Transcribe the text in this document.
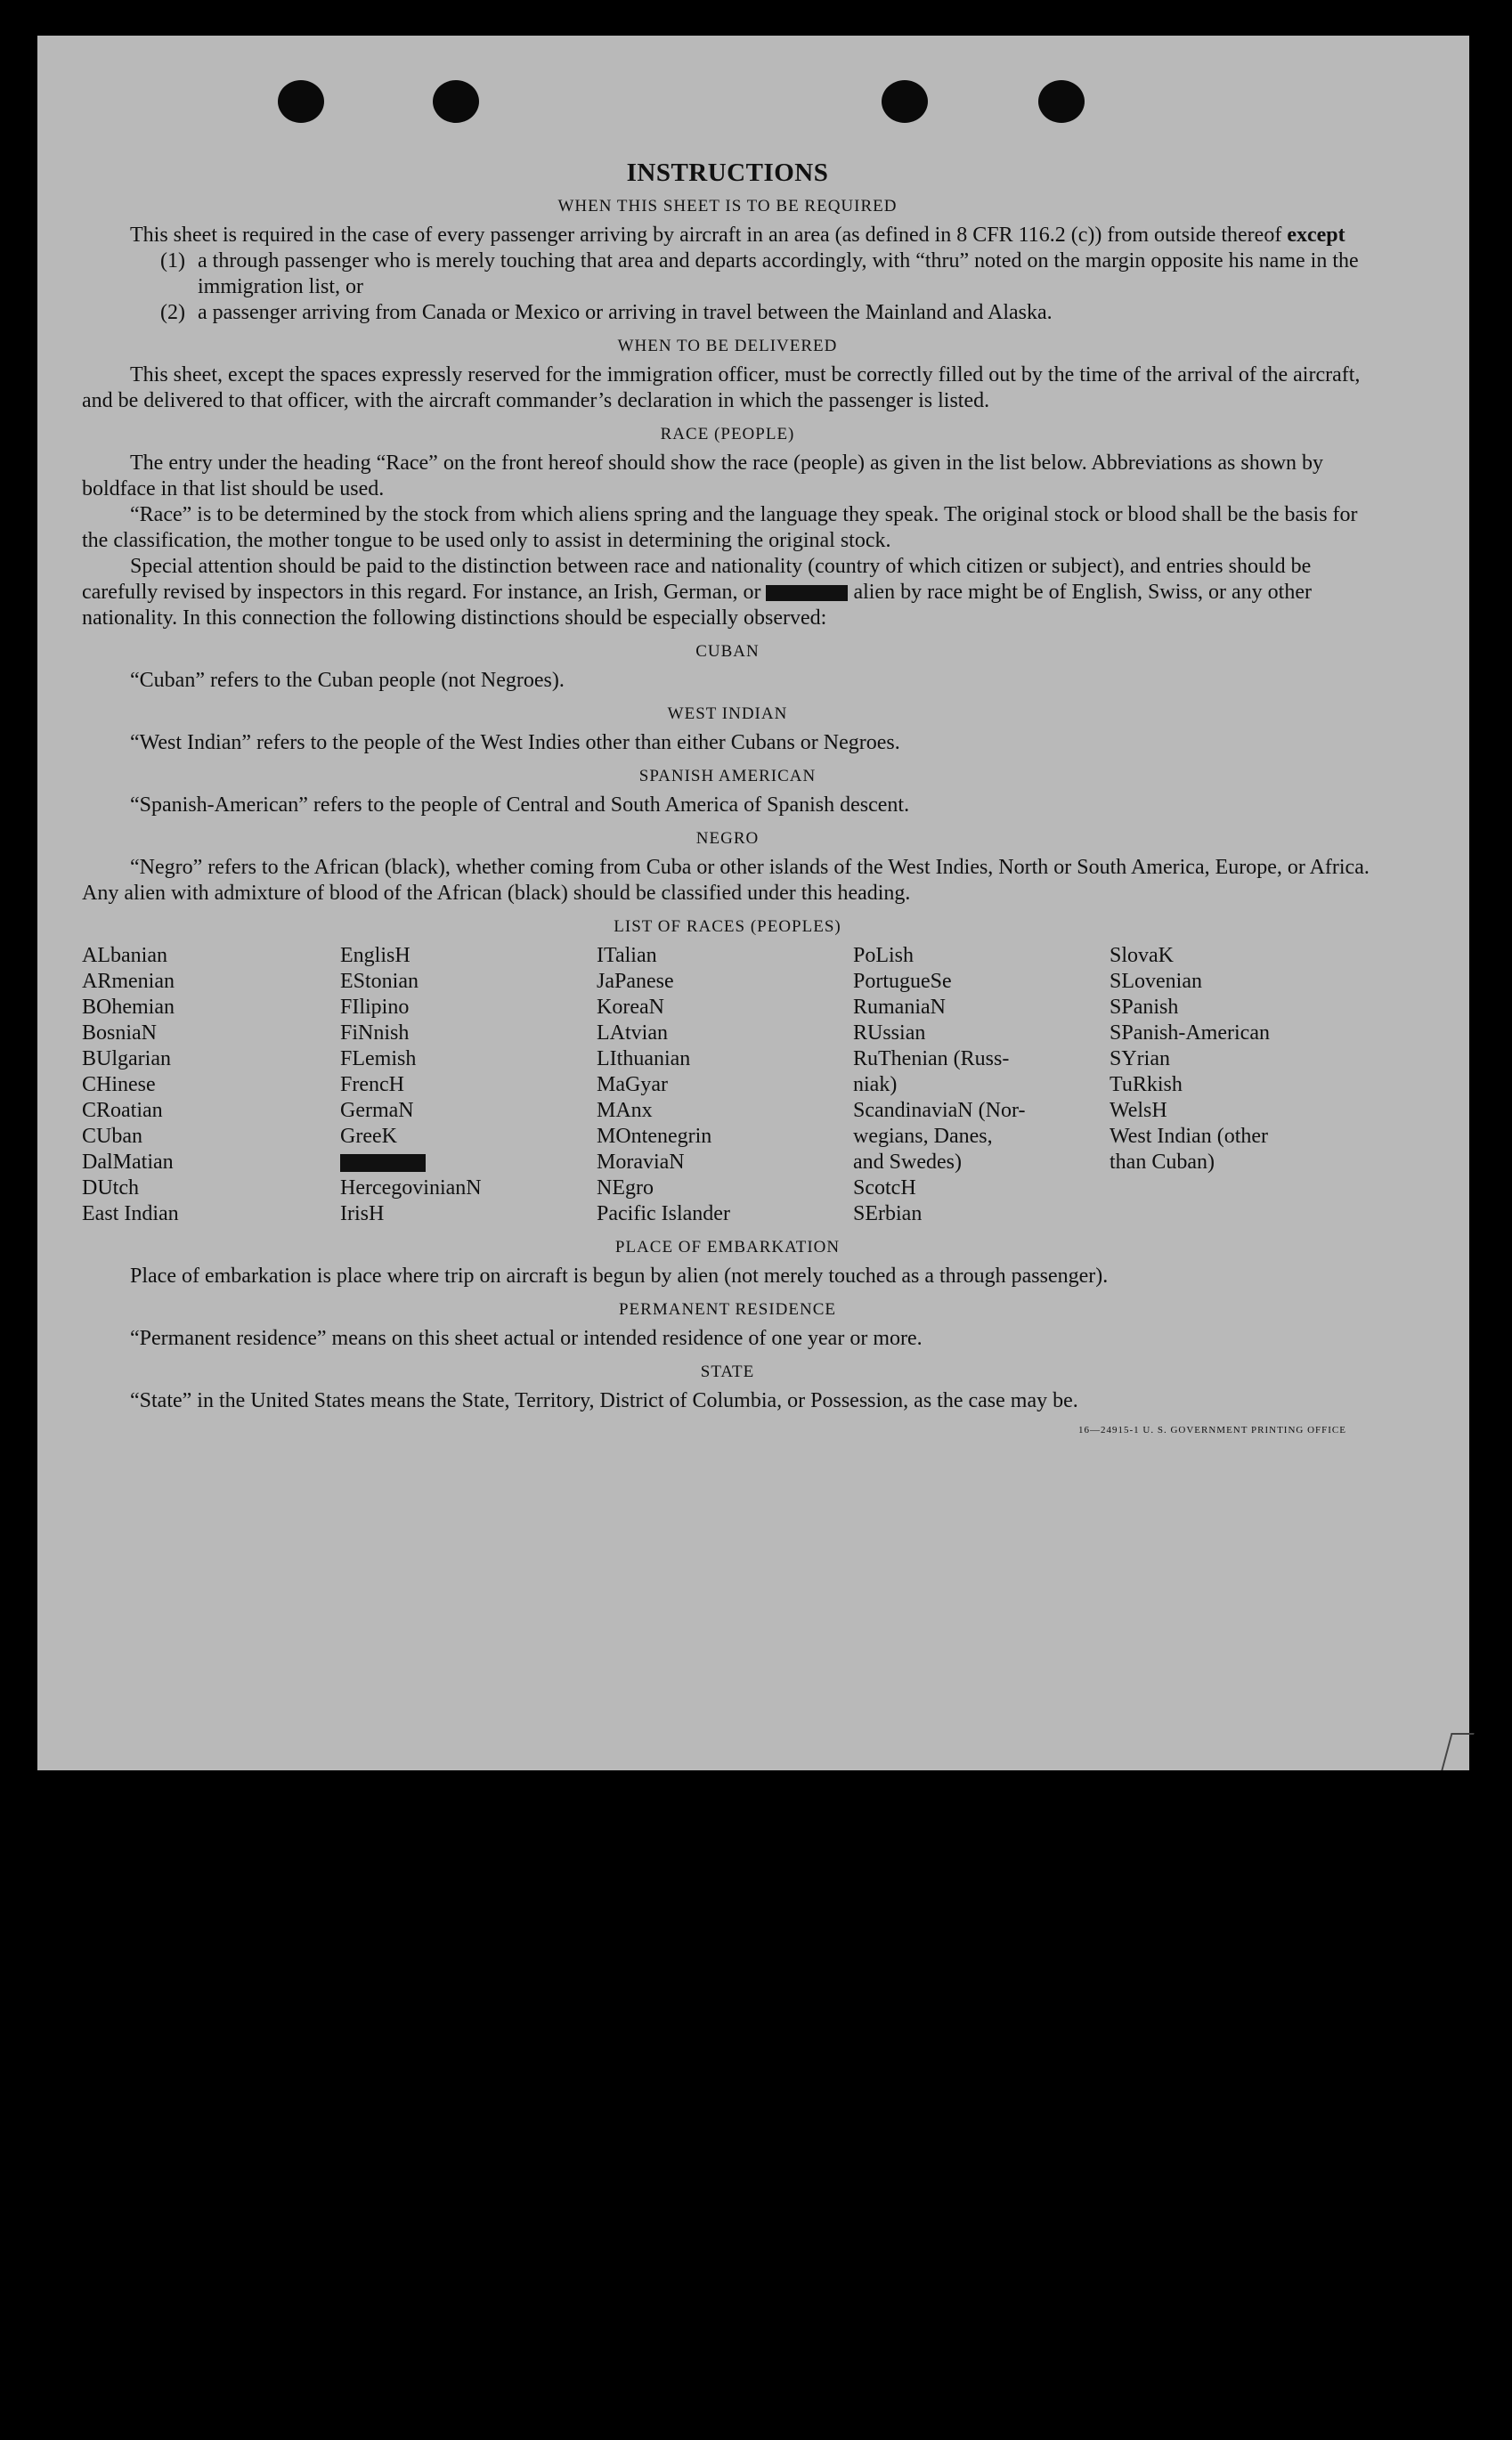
INSTRUCTIONS
WHEN THIS SHEET IS TO BE REQUIRED

This sheet is required in the case of every passenger arriving by aircraft in an area (as defined in 8 CFR 116.2 (c)) from outside thereof except

(1) a through passenger who is merely touching that area and departs accordingly, with “thru” noted on the margin opposite his name in the immigration list, or
(2) a passenger arriving from Canada or Mexico or arriving in travel between the Mainland and Alaska.
WHEN TO BE DELIVERED

This sheet, except the spaces expressly reserved for the immigration officer, must be correctly filled out by the time of the arrival of the aircraft, and be delivered to that officer, with the aircraft commander’s declaration in which the passenger is listed.

RACE (PEOPLE)

The entry under the heading “Race” on the front hereof should show the race (people) as given in the list below. Abbreviations as shown by boldface in that list should be used.

“Race” is to be determined by the stock from which aliens spring and the language they speak. The original stock or blood shall be the basis for the classification, the mother tongue to be used only to assist in determining the original stock.

Special attention should be paid to the distinction between race and nationality (country of which citizen or subject), and entries should be carefully revised by inspectors in this regard. For instance, an Irish, German, or	alien by race might be of English, Swiss, or any other nationality. In this connection the following distinctions should be especially observed:

CUBAN

“Cuban” refers to the Cuban people (not Negroes).

WEST INDIAN

“West Indian” refers to the people of the West Indies other than either Cubans or Negroes.

SPANISH AMERICAN

“Spanish-American” refers to the people of Central and South America of Spanish descent.

NEGRO

“Negro” refers to the African (black), whether coming from Cuba or other islands of the West Indies, North or South America, Europe, or Africa. Any alien with admixture of blood of the African (black) should be classified under this heading.

LIST OF RACES (PEOPLES)
ALbanian
ARmenian
BOhemian
BosniaN
BUlgarian
CHinese
CRoatian
CUban
DalMatian
DUtch
East Indian
EnglisH
EStonian
FIlipino
FiNnish
FLemish
FrencH
GermaN
GreeK
HercegovinianN
IrisH
ITalian
JaPanese
KoreaN
LAtvian
LIthuanian
MaGyar
MAnx
MOntenegrin
MoraviaN
NEgro
Pacific Islander
PoLish
PortugueSe
RumaniaN
RUssian
RuThenian (Russ-
niak)
ScandinaviaN (Nor-
wegians, Danes,
and Swedes)
ScotcH
SErbian
SlovaK
SLovenian
SPanish
SPanish-American
SYrian
TuRkish
WelsH
West Indian (other
than Cuban)
PLACE OF EMBARKATION

Place of embarkation is place where trip on aircraft is begun by alien (not merely touched as a through passenger).

PERMANENT RESIDENCE

“Permanent residence” means on this sheet actual or intended residence of one year or more.

STATE

“State” in the United States means the State, Territory, District of Columbia, or Possession, as the case may be.

16—24915-1 U. S. GOVERNMENT PRINTING OFFICE
